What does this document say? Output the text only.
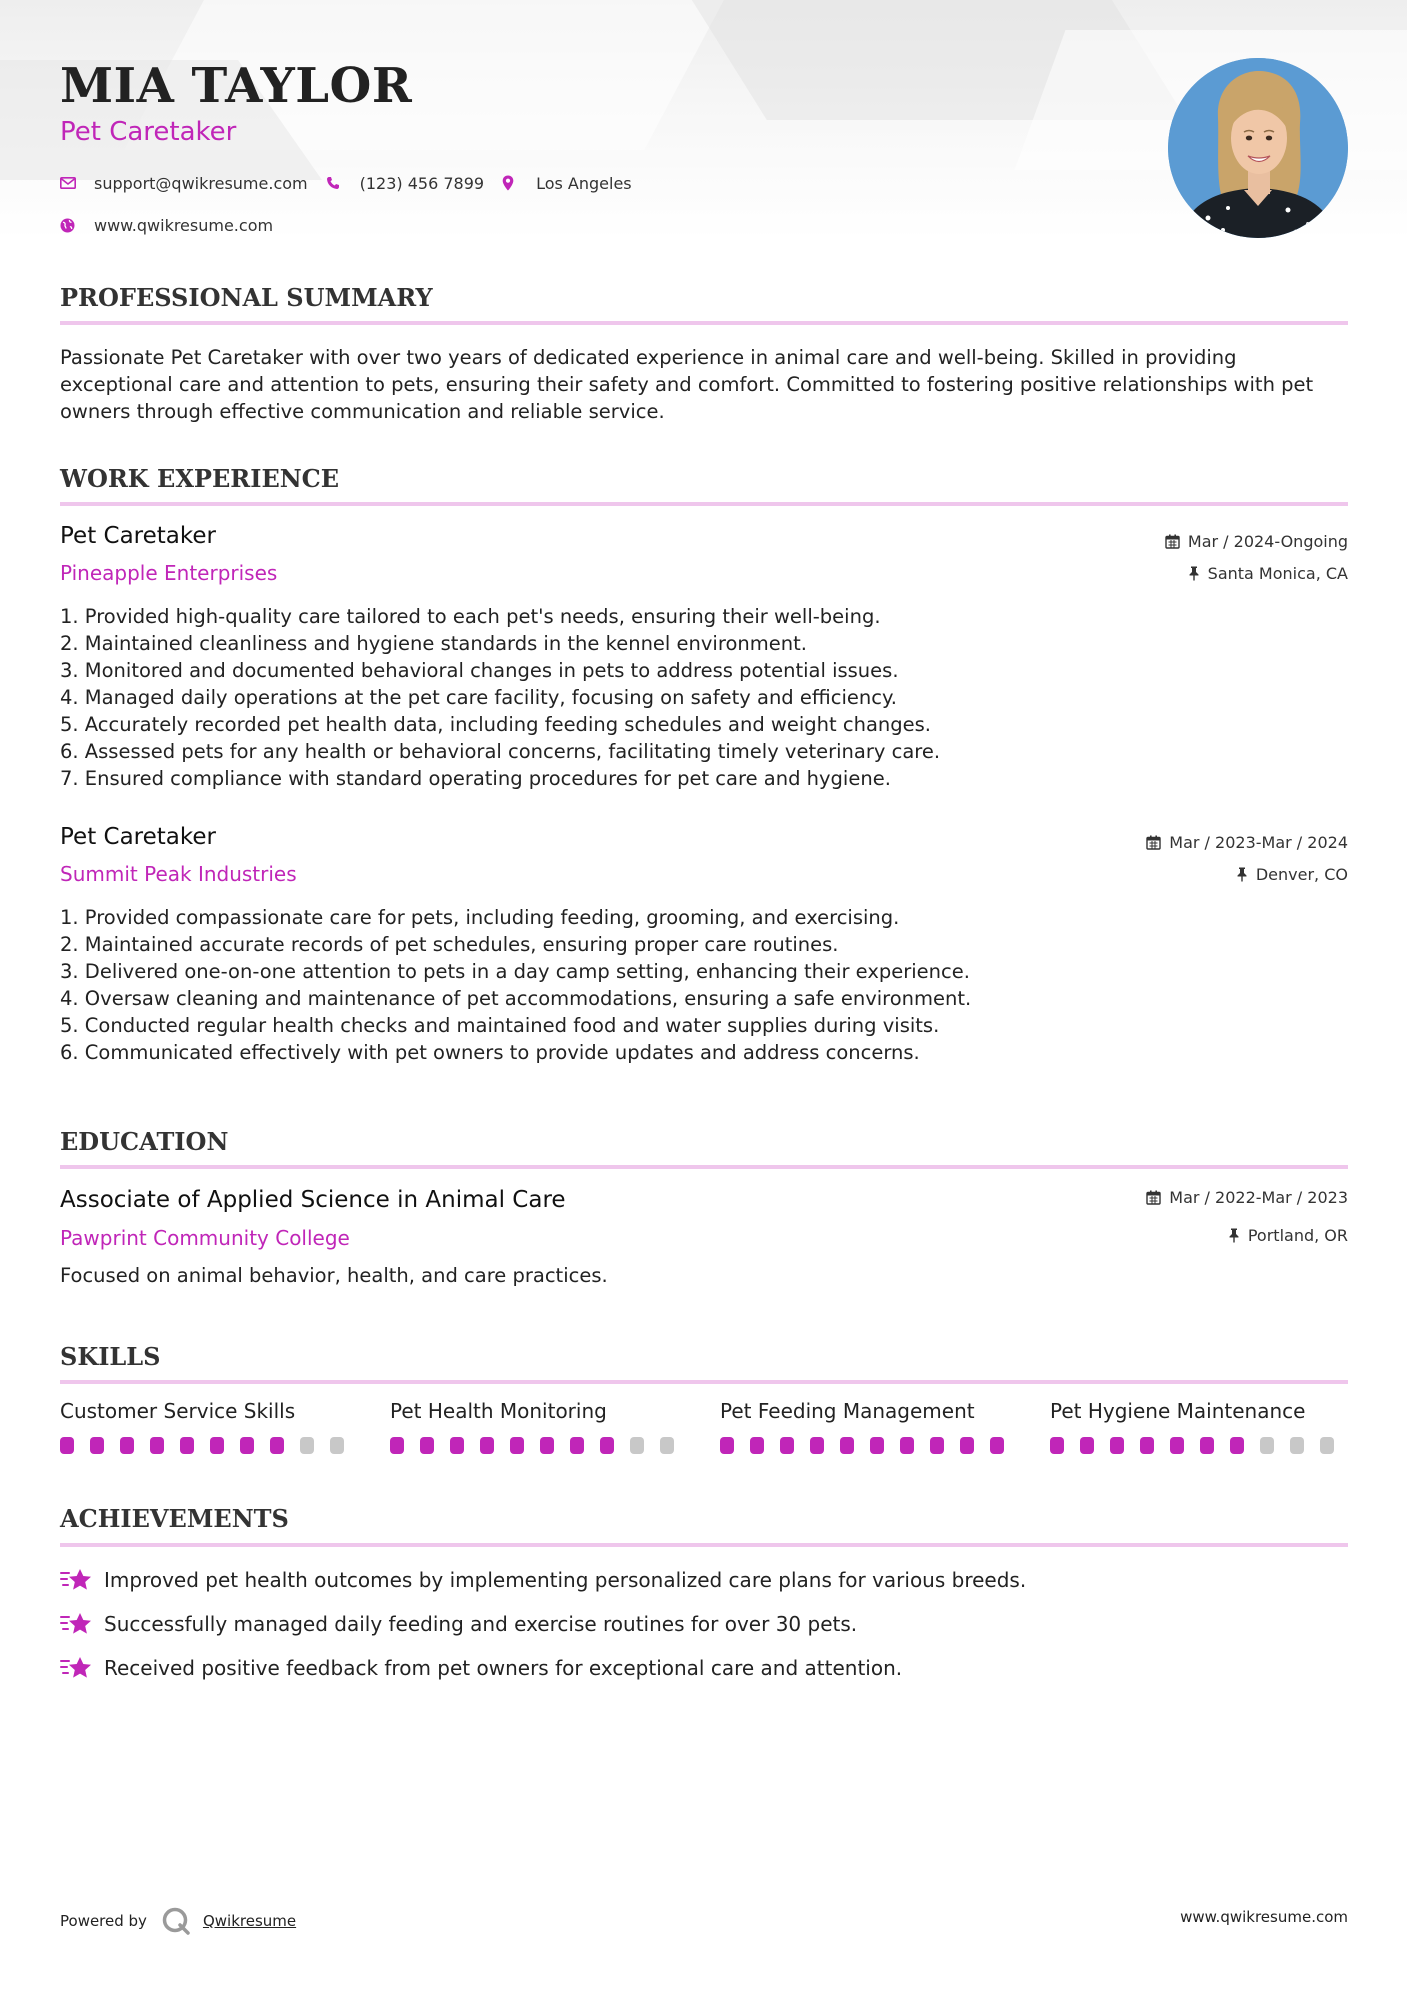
MIA TAYLOR
Pet Caretaker
support@qwikresume.com	(123) 456 7899	Los Angeles
www.qwikresume.com
PROFESSIONAL SUMMARY

Passionate Pet Caretaker with over two years of dedicated experience in animal care and well-being. Skilled in providing exceptional care and attention to pets, ensuring their safety and comfort. Committed to fostering positive relationships with pet owners through effective communication and reliable service.

WORK EXPERIENCE
Pet Caretaker
Pineapple Enterprises
Mar / 2024-Ongoing
Santa Monica, CA
1. Provided high-quality care tailored to each pet's needs, ensuring their well-being.
2. Maintained cleanliness and hygiene standards in the kennel environment.
3. Monitored and documented behavioral changes in pets to address potential issues.
4. Managed daily operations at the pet care facility, focusing on safety and efficiency.
5. Accurately recorded pet health data, including feeding schedules and weight changes.
6. Assessed pets for any health or behavioral concerns, facilitating timely veterinary care.
7. Ensured compliance with standard operating procedures for pet care and hygiene.
Pet Caretaker
Summit Peak Industries
Mar / 2023-Mar / 2024
Denver, CO
1. Provided compassionate care for pets, including feeding, grooming, and exercising.
2. Maintained accurate records of pet schedules, ensuring proper care routines.
3. Delivered one-on-one attention to pets in a day camp setting, enhancing their experience.
4. Oversaw cleaning and maintenance of pet accommodations, ensuring a safe environment.
5. Conducted regular health checks and maintained food and water supplies during visits.
6. Communicated effectively with pet owners to provide updates and address concerns.
EDUCATION
Associate of Applied Science in Animal Care
Pawprint Community College
Mar / 2022-Mar / 2023
Portland, OR

Focused on animal behavior, health, and care practices.

SKILLS
Customer Service Skills	Pet Health Monitoring	Pet Feeding Management	Pet Hygiene Maintenance
ACHIEVEMENTS
Improved pet health outcomes by implementing personalized care plans for various breeds.
Successfully managed daily feeding and exercise routines for over 30 pets.
Received positive feedback from pet owners for exceptional care and attention.
Powered by	Qwikresume	www.qwikresume.com
